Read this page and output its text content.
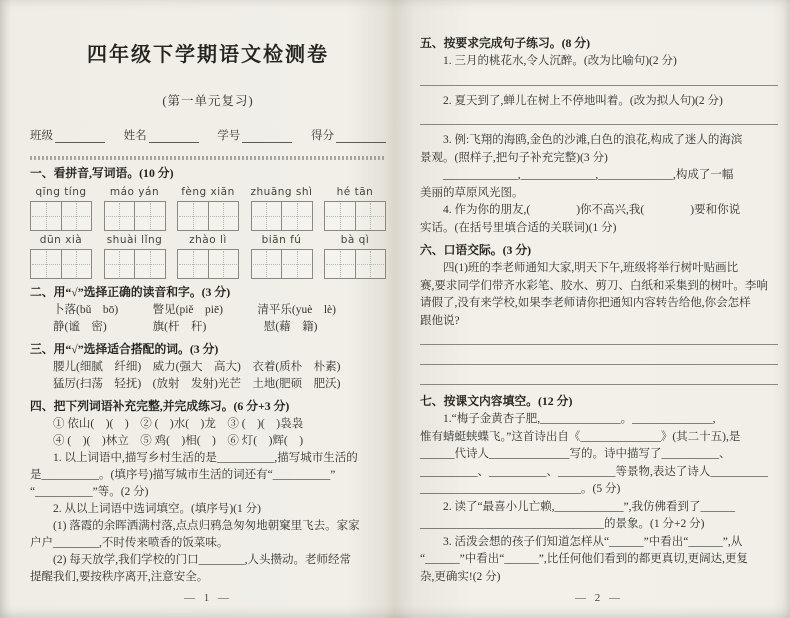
四年级下学期语文检测卷
(第一单元复习)
班级	姓名	学号	得分
一、看拼音,写词语。(10 分)
qīng tíng	máo yán	fèng xiān	zhuāng shì	hé tān
dūn xià	shuài lǐng	zhào lì	biān fú	bà qì
二、用“√”选择正确的读音和字。(3 分)

卜落(bǔ　bō)　　　瞥见(piě　piē)　　　清平乐(yuè　lè)

静(谧　密)　　　　旗(杆　秆)　　　　　慰(藉　籍)

三、用“√”选择适合搭配的词。(3 分)

腰儿(细腻　纤细)　威力(强大　高大)　衣着(质朴　朴素)

猛厉(扫荡　轻抚)　(放射　发射)光芒　土地(肥硕　肥沃)

四、把下列词语补充完整,并完成练习。(6 分+3 分)

① 依山(　)(　)　② (　)水(　)龙　③ (　)(　)袅袅

④ (　)(　)林立　⑤ 鸡(　)相(　)　⑥ 灯(　)辉(　)

1. 以上词语中,描写乡村生活的是__________,描写城市生活的

是__________。(填序号)描写城市生活的词还有“__________”

“__________”等。(2 分)

2. 从以上词语中选词填空。(填序号)(1 分)

(1) 落霞的余晖洒满村落,点点归鸦急匆匆地朝窠里飞去。家家

户户________,不时传来喷香的饭菜味。

(2) 每天放学,我们学校的门口________,人头攒动。老师经常

提醒我们,要按秩序离开,注意安全。

— 1 —
五、按要求完成句子练习。(8 分)

1. 三月的桃花水,令人沉醉。(改为比喻句)(2 分)

2. 夏天到了,蝉儿在树上不停地叫着。(改为拟人句)(2 分)

3. 例:飞翔的海鸥,金色的沙滩,白色的浪花,构成了迷人的海滨

景观。(照样子,把句子补充完整)(3 分)

_____________,_____________,_____________,构成了一幅

美丽的草原风光图。

4. 作为你的朋友,(　　　　)你不高兴,我(　　　　)要和你说

实话。(在括号里填合适的关联词)(1 分)

六、口语交际。(3 分)

四(1)班的李老师通知大家,明天下午,班级将举行树叶贴画比

赛,要求同学们带齐水彩笔、胶水、剪刀、白纸和采集到的树叶。李响

请假了,没有来学校,如果李老师请你把通知内容转告给他,你会怎样

跟他说?

七、按课文内容填空。(12 分)

1.“梅子金黄杏子肥,______________。______________,

惟有蜻蜓蛱蝶飞。”这首诗出自《______________》(其二十五),是

______代诗人______________写的。诗中描写了__________、

__________、__________、__________等景物,表达了诗人__________

____________________________。(5 分)

2. 读了“最喜小儿亡赖,____________”,我仿佛看到了______

________________________________的景象。(1 分+2 分)

3. 活泼会想的孩子们知道怎样从“______”中看出“______”,从

“______”中看出“______”,比任何他们看到的都更真切,更阔达,更复

杂,更确实!(2 分)

— 2 —
